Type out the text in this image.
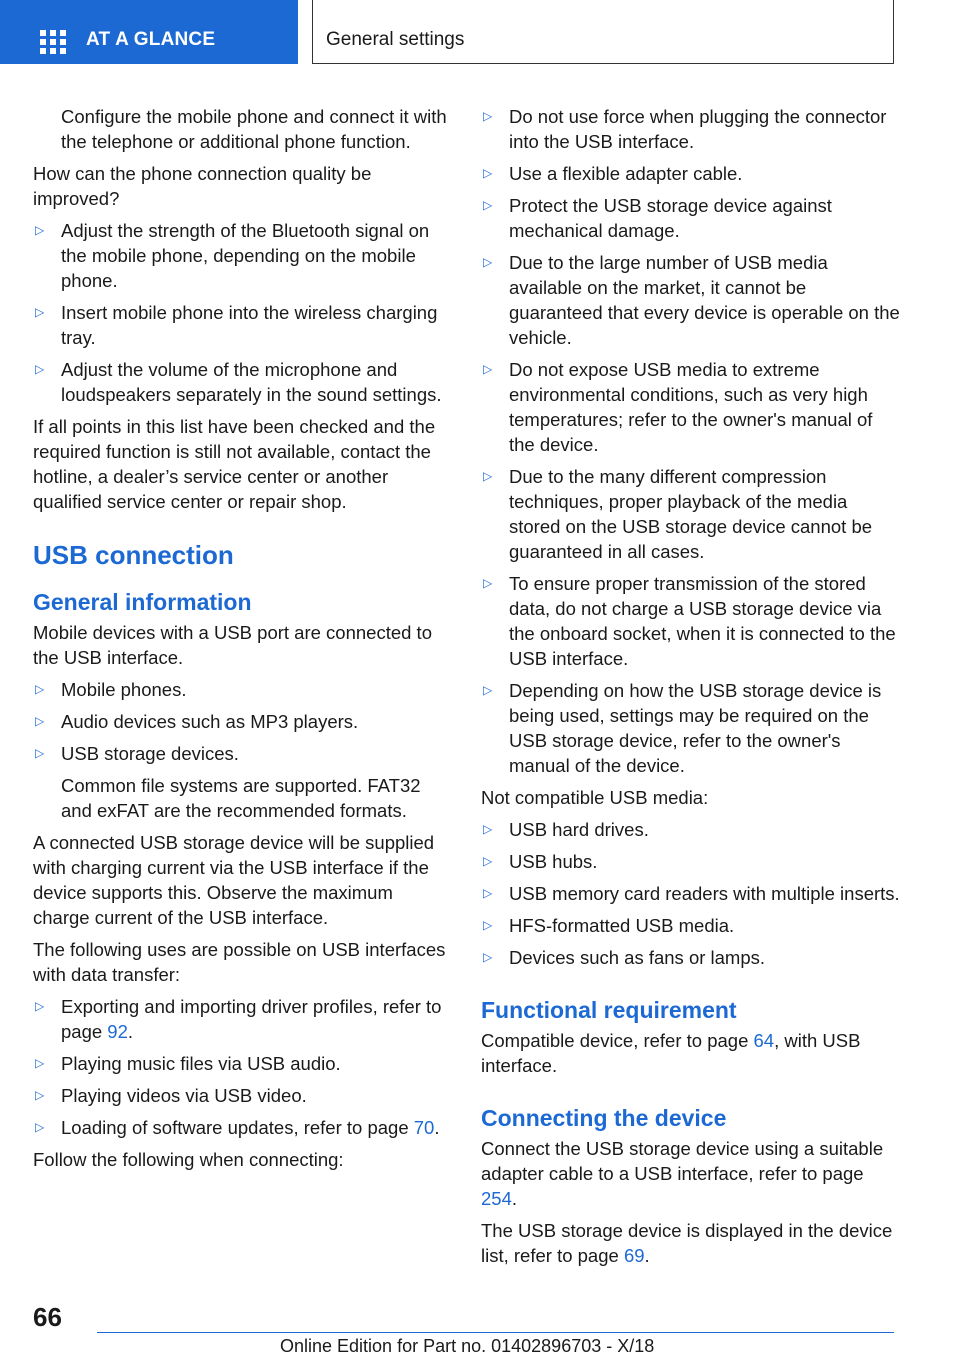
AT A GLANCE	General settings

Configure the mobile phone and connect it with the telephone or additional phone function.

How can the phone connection quality be improved?

▷ Adjust the strength of the Bluetooth signal on the mobile phone, depending on the mobile phone.
▷ Insert mobile phone into the wireless charging tray.
▷ Adjust the volume of the microphone and loudspeakers separately in the sound settings.

If all points in this list have been checked and the required function is still not available, contact the hotline, a dealer’s service center or another qualified service center or repair shop.

USB connection
General information

Mobile devices with a USB port are connected to the USB interface.

▷ Mobile phones.
▷ Audio devices such as MP3 players.
▷ USB storage devices.
Common file systems are supported. FAT32 and exFAT are the recommended formats.

A connected USB storage device will be supplied with charging current via the USB interface if the device supports this. Observe the maximum charge current of the USB interface.

The following uses are possible on USB interfaces with data transfer:

▷ Exporting and importing driver profiles, refer to page 92.
▷ Playing music files via USB audio.
▷ Playing videos via USB video.
▷ Loading of software updates, refer to page 70.

Follow the following when connecting:

▷ Do not use force when plugging the connector into the USB interface.
▷ Use a flexible adapter cable.
▷ Protect the USB storage device against mechanical damage.
▷ Due to the large number of USB media available on the market, it cannot be guaranteed that every device is operable on the vehicle.
▷ Do not expose USB media to extreme environmental conditions, such as very high temperatures; refer to the owner's manual of the device.
▷ Due to the many different compression techniques, proper playback of the media stored on the USB storage device cannot be guaranteed in all cases.
▷ To ensure proper transmission of the stored data, do not charge a USB storage device via the onboard socket, when it is connected to the USB interface.
▷ Depending on how the USB storage device is being used, settings may be required on the USB storage device, refer to the owner's manual of the device.

Not compatible USB media:

▷ USB hard drives.
▷ USB hubs.
▷ USB memory card readers with multiple inserts.
▷ HFS-formatted USB media.
▷ Devices such as fans or lamps.
Functional requirement

Compatible device, refer to page 64, with USB interface.

Connecting the device

Connect the USB storage device using a suitable adapter cable to a USB interface, refer to page 254.

The USB storage device is displayed in the device list, refer to page 69.

66
Online Edition for Part no. 01402896703 - X/18
